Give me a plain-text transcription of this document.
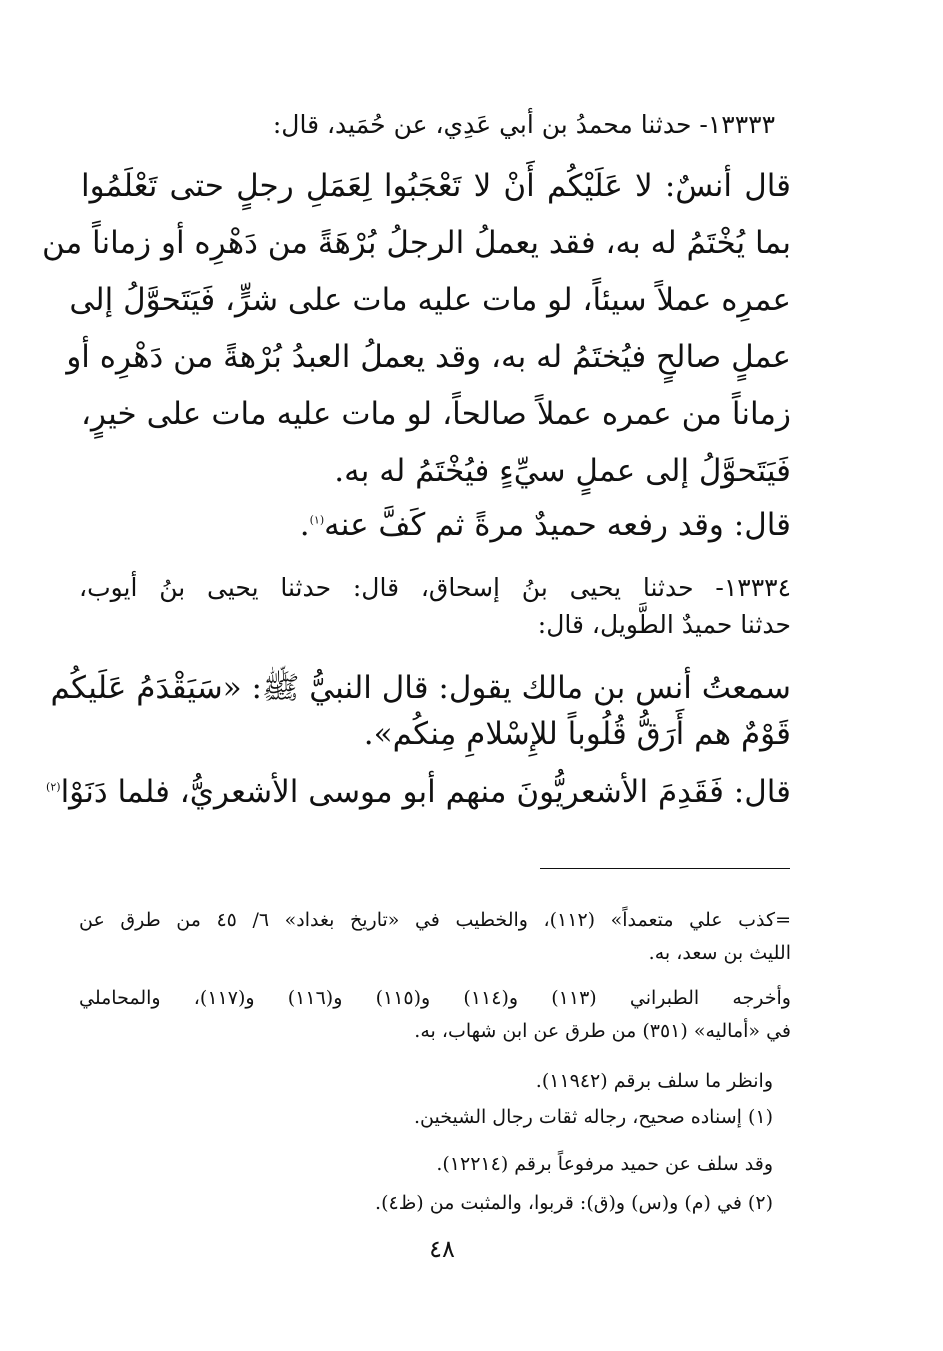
١٣٣٣٣- حدثنا محمدُ بن أبي عَدِي، عن حُمَيد، قال:
قال أنسٌ: لا عَلَيْكُم أَنْ لا تَعْجَبُوا لِعَمَلِ رجلٍ حتى تَعْلَمُوا
بما يُخْتَمُ له به، فقد يعملُ الرجلُ بُرْهَةً من دَهْرِه أو زماناً من
عمرِه عملاً سيئاً، لو مات عليه مات على شرٍّ، فَيَتَحوَّلُ إلى
عملٍ صالحٍ فيُختَمُ له به، وقد يعملُ العبدُ بُرْهةً من دَهْرِه أو
زماناً من عمره عملاً صالحاً، لو مات عليه مات على خيرٍ،
فَيَتَحوَّلُ إلى عملٍ سيِّءٍ فيُخْتَمُ له به.
قال: وقد رفعه حميدٌ مرةً ثم كَفَّ عنه$^{(١)}$.
١٣٣٣٤- حدثنا يحيى بنُ إسحاق، قال: حدثنا يحيى بنُ أيوب،
حدثنا حميدٌ الطَّويل، قال:
سمعتُ أنس بن مالك يقول: قال النبيُّ ﷺ: «سَيَقْدَمُ عَلَيكُم
قَوْمٌ هم أَرَقُّ قُلُوباً للإِسْلامِ مِنكُم».
قال: فَقَدِمَ الأشعريُّونَ منهم أبو موسى الأشعريُّ، فلما دَنَوْا$^{(٢)}$
=كذب علي متعمداً» (١١٢)، والخطيب في «تاريخ بغداد» ٦/ ٤٥ من طرق عن
الليث بن سعد، به.
وأخرجه الطبراني (١١٣) و(١١٤) و(١١٥) و(١١٦) و(١١٧)، والمحاملي
في «أماليه» (٣٥١) من طرق عن ابن شهاب، به.
وانظر ما سلف برقم (١١٩٤٢).
(١) إسناده صحيح، رجاله ثقات رجال الشيخين.
وقد سلف عن حميد مرفوعاً برقم (١٢٢١٤).
(٢) في (م) و(س) و(ق): قربوا، والمثبت من (ظ٤).
٤٨
